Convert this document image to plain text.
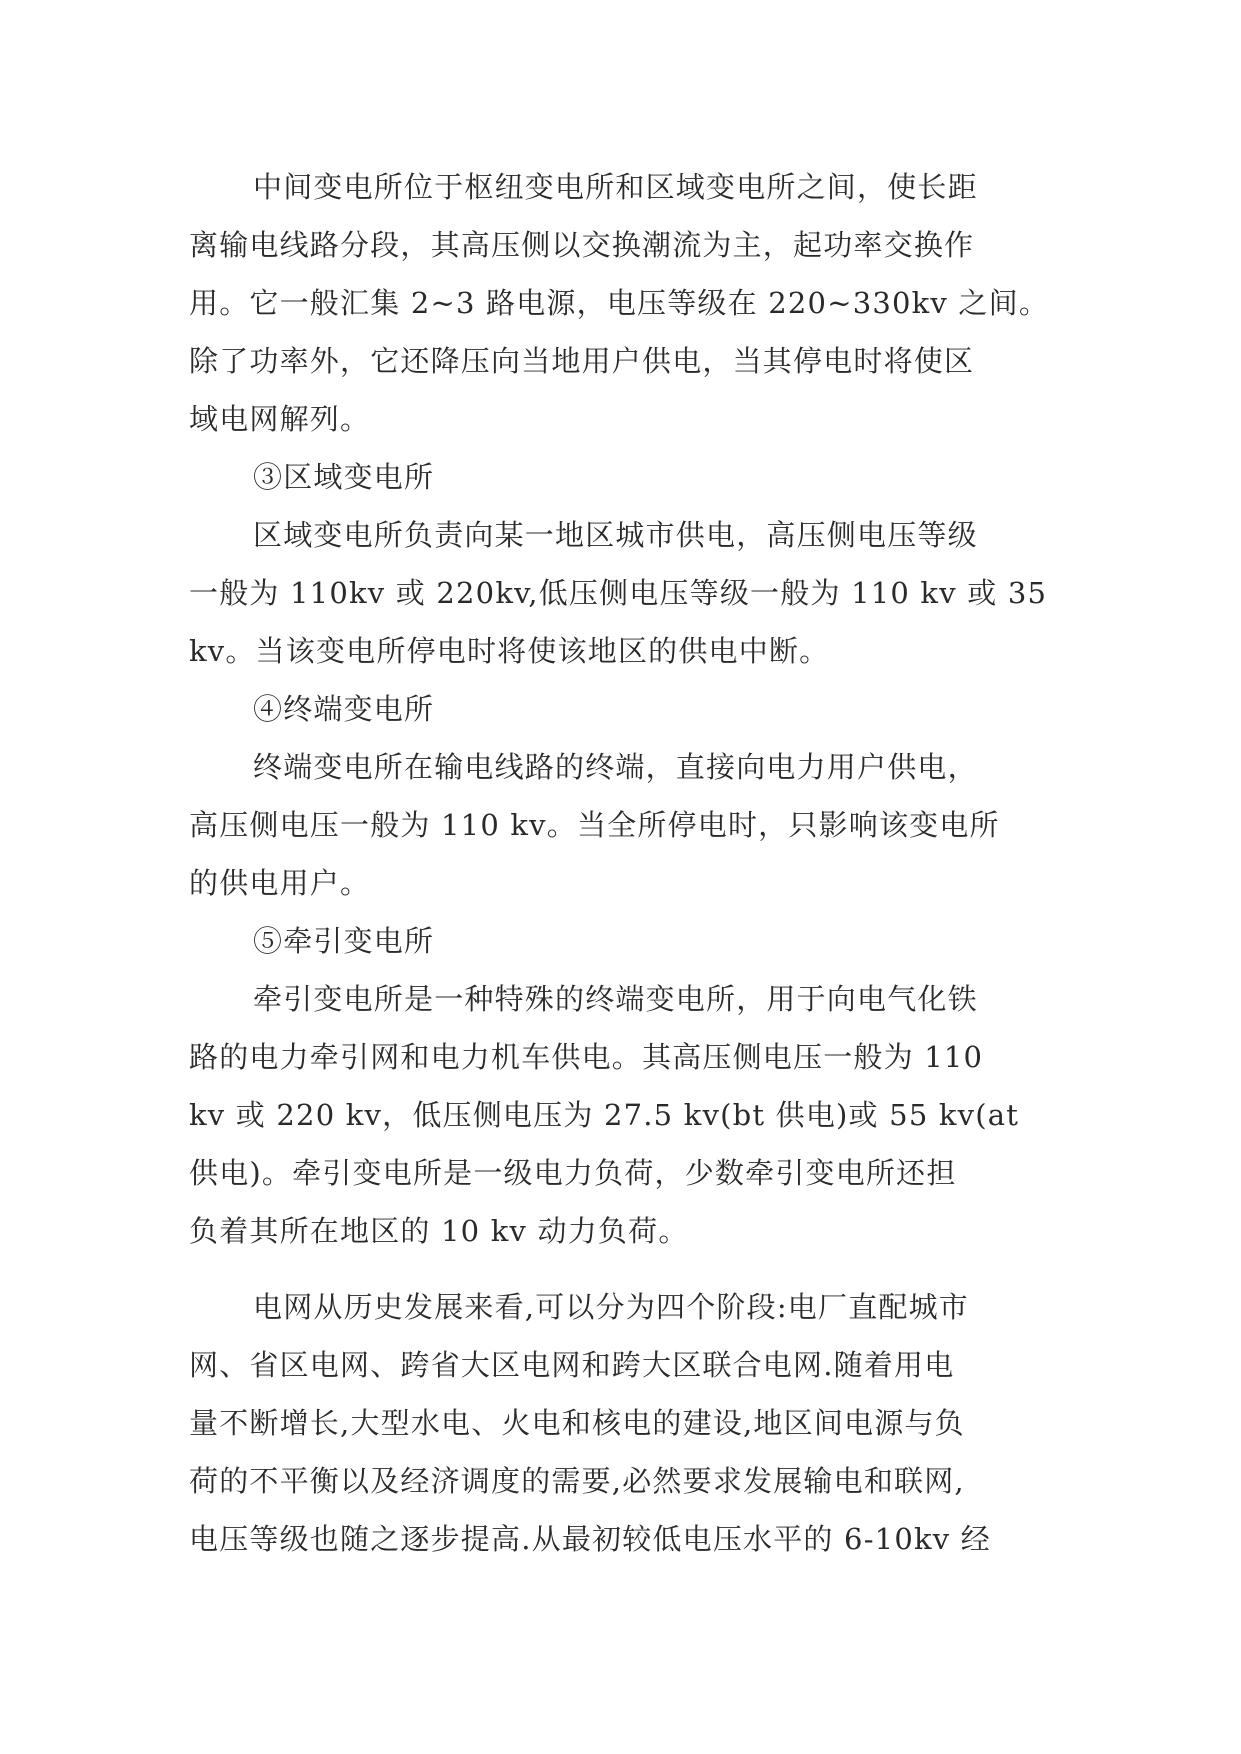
中间变电所位于枢纽变电所和区域变电所之间，使长距
离输电线路分段，其高压侧以交换潮流为主，起功率交换作
用。它一般汇集 2~3 路电源，电压等级在 220~330kv 之间。
除了功率外，它还降压向当地用户供电，当其停电时将使区
域电网解列。
③区域变电所
区域变电所负责向某一地区城市供电，高压侧电压等级
一般为 110kv 或 220kv,低压侧电压等级一般为 110 kv 或 35
kv。当该变电所停电时将使该地区的供电中断。
④终端变电所
终端变电所在输电线路的终端，直接向电力用户供电，
高压侧电压一般为 110 kv。当全所停电时，只影响该变电所
的供电用户。
⑤牵引变电所
牵引变电所是一种特殊的终端变电所，用于向电气化铁
路的电力牵引网和电力机车供电。其高压侧电压一般为 110
kv 或 220 kv，低压侧电压为 27.5 kv(bt 供电)或 55 kv(at
供电)。牵引变电所是一级电力负荷，少数牵引变电所还担
负着其所在地区的 10 kv 动力负荷。
电网从历史发展来看,可以分为四个阶段:电厂直配城市
网、省区电网、跨省大区电网和跨大区联合电网.随着用电
量不断增长,大型水电、火电和核电的建设,地区间电源与负
荷的不平衡以及经济调度的需要,必然要求发展输电和联网,
电压等级也随之逐步提高.从最初较低电压水平的 6-10kv 经
